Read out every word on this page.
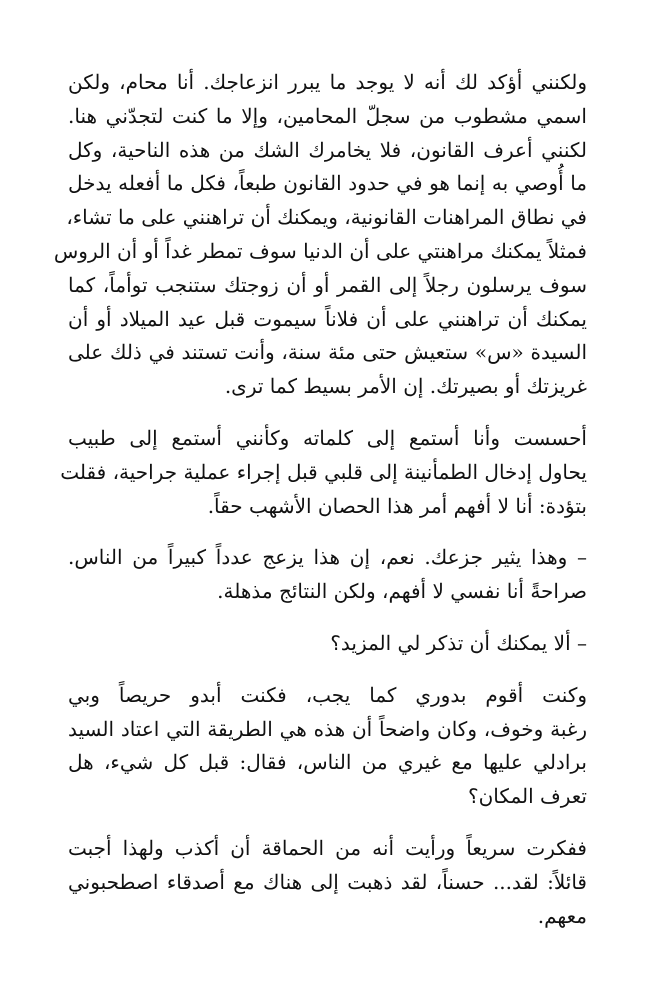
ولكنني أؤكد لك أنه لا يوجد ما يبرر انزعاجك. أنا محام، ولكن
اسمي مشطوب من سجلّ المحامين، وإلا ما كنت لتجدّني هنا.
لكنني أعرف القانون، فلا يخامرك الشك من هذه الناحية، وكل
ما أُوصي به إنما هو في حدود القانون طبعاً، فكل ما أفعله يدخل
في نطاق المراهنات القانونية، ويمكنك أن تراهنني على ما تشاء،
فمثلاً يمكنك مراهنتي على أن الدنيا سوف تمطر غداً أو أن الروس
سوف يرسلون رجلاً إلى القمر أو أن زوجتك ستنجب توأماً، كما
يمكنك أن تراهنني على أن فلاناً سيموت قبل عيد الميلاد أو أن
السيدة «س» ستعيش حتى مئة سنة، وأنت تستند في ذلك على
غريزتك أو بصيرتك. إن الأمر بسيط كما ترى.
أحسست وأنا أستمع إلى كلماته وكأنني أستمع إلى طبيب
يحاول إدخال الطمأنينة إلى قلبي قبل إجراء عملية جراحية، فقلت
بتؤدة: أنا لا أفهم أمر هذا الحصان الأشهب حقاً.
– وهذا يثير جزعك. نعم، إن هذا يزعج عدداً كبيراً من الناس.
صراحةً أنا نفسي لا أفهم، ولكن النتائج مذهلة.
– ألا يمكنك أن تذكر لي المزيد؟
وكنت أقوم بدوري كما يجب، فكنت أبدو حريصاً وبي
رغبة وخوف، وكان واضحاً أن هذه هي الطريقة التي اعتاد السيد
برادلي عليها مع غيري من الناس، فقال: قبل كل شيء، هل
تعرف المكان؟
ففكرت سريعاً ورأيت أنه من الحماقة أن أكذب ولهذا أجبت
قائلاً: لقد... حسناً، لقد ذهبت إلى هناك مع أصدقاء اصطحبوني
معهم.
